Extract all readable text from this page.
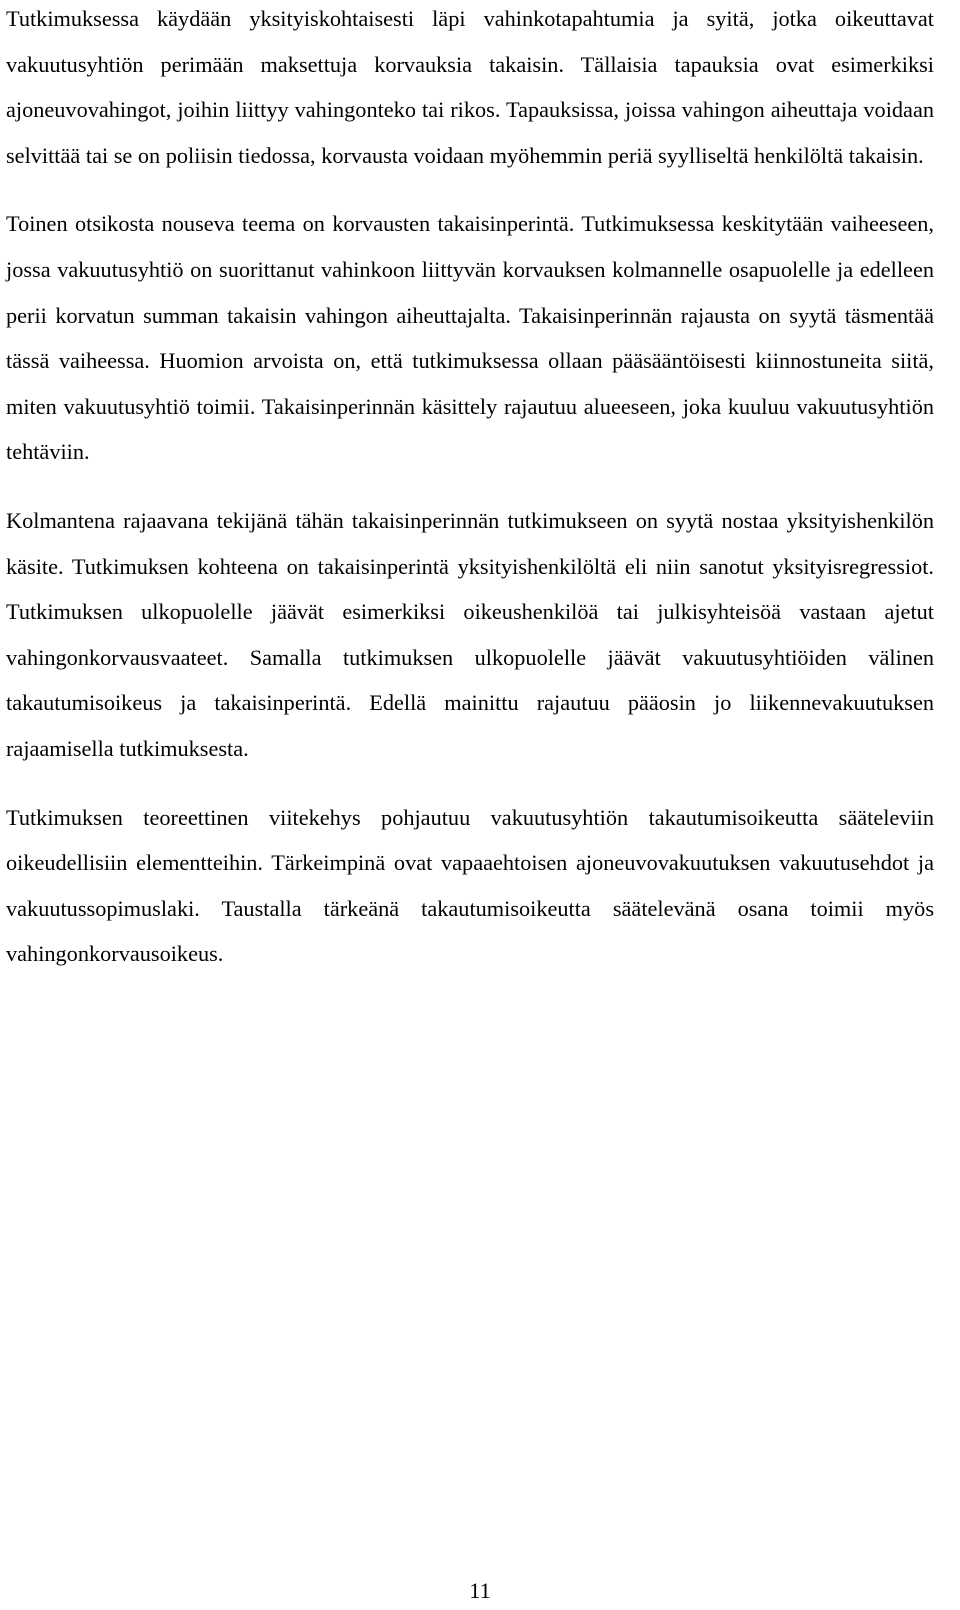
Tutkimuksessa käydään yksityiskohtaisesti läpi vahinkotapahtumia ja syitä, jotka oikeuttavat vakuutusyhtiön perimään maksettuja korvauksia takaisin. Tällaisia tapauksia ovat esimerkiksi ajoneuvovahingot, joihin liittyy vahingonteko tai rikos. Tapauksissa, joissa vahingon aiheuttaja voidaan selvittää tai se on poliisin tiedossa, korvausta voidaan myöhemmin periä syylliseltä henkilöltä takaisin.

Toinen otsikosta nouseva teema on korvausten takaisinperintä. Tutkimuksessa keskitytään vaiheeseen, jossa vakuutusyhtiö on suorittanut vahinkoon liittyvän korvauksen kolmannelle osapuolelle ja edelleen perii korvatun summan takaisin vahingon aiheuttajalta. Takaisinperinnän rajausta on syytä täsmentää tässä vaiheessa. Huomion arvoista on, että tutkimuksessa ollaan pääsääntöisesti kiinnostuneita siitä, miten vakuutusyhtiö toimii. Takaisinperinnän käsittely rajautuu alueeseen, joka kuuluu vakuutusyhtiön tehtäviin.

Kolmantena rajaavana tekijänä tähän takaisinperinnän tutkimukseen on syytä nostaa yksityishenkilön käsite. Tutkimuksen kohteena on takaisinperintä yksityishenkilöltä eli niin sanotut yksityisregressiot. Tutkimuksen ulkopuolelle jäävät esimerkiksi oikeushenkilöä tai julkisyhteisöä vastaan ajetut vahingonkorvausvaateet. Samalla tutkimuksen ulkopuolelle jäävät vakuutusyhtiöiden välinen takautumisoikeus ja takaisinperintä. Edellä mainittu rajautuu pääosin jo liikennevakuutuksen rajaamisella tutkimuksesta.

Tutkimuksen teoreettinen viitekehys pohjautuu vakuutusyhtiön takautumisoikeutta sääteleviin oikeudellisiin elementteihin. Tärkeimpinä ovat vapaaehtoisen ajoneuvovakuutuksen vakuutusehdot ja vakuutussopimuslaki. Taustalla tärkeänä takautumisoikeutta säätelevänä osana toimii myös vahingonkorvausoikeus.

11
